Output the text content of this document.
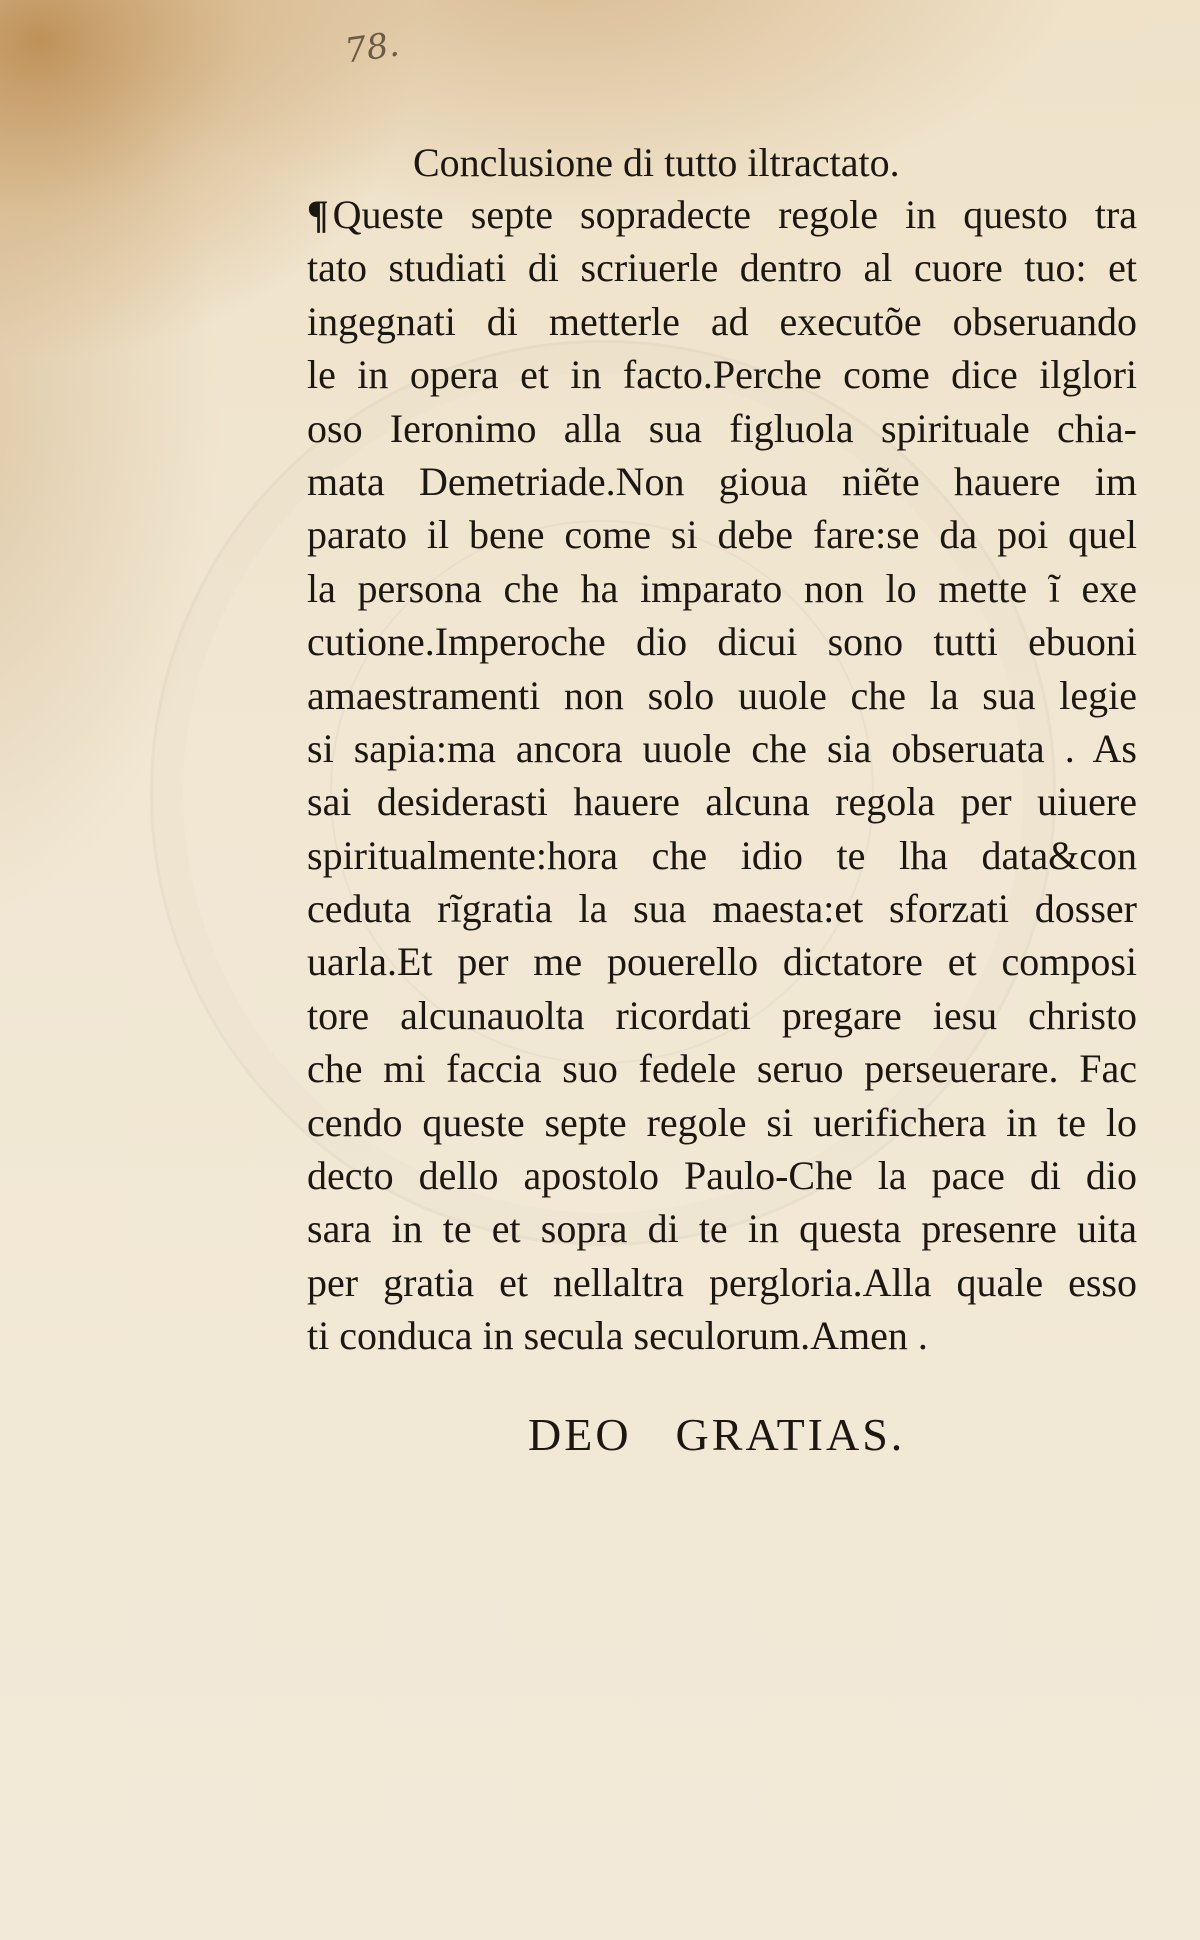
78.
Conclusione di tutto iltractato.
¶ Queste septe sopradecte regole in questo tra
tato studiati di scriuerle dentro al cuore tuo: et
ingegnati di metterle ad executõe obseruando
le in opera et in facto.Perche come dice ilglori
oso Ieronimo alla sua figluola spirituale chia-
mata Demetriade.Non gioua niẽte hauere im
parato il bene come si debe fare:se da poi quel
la persona che ha imparato non lo mette ĩ exe
cutione.Imperoche dio dicui sono tutti ebuoni
amaestramenti non solo uuole che la sua legie
si sapia:ma ancora uuole che sia obseruata . As
sai desiderasti hauere alcuna regola per uiuere
spiritualmente:hora che idio te lha data&con
ceduta rĩgratia la sua maesta:et sforzati dosser
uarla.Et per me pouerello dictatore et composi
tore alcunauolta ricordati pregare iesu christo
che mi faccia suo fedele seruo perseuerare. Fac
cendo queste septe regole si uerifichera in te lo
decto dello apostolo Paulo-Che la pace di dio
sara in te et sopra di te in questa presenre uita
per gratia et nellaltra pergloria.Alla quale esso
ti conduca in secula seculorum.Amen .
DEO GRATIAS.
